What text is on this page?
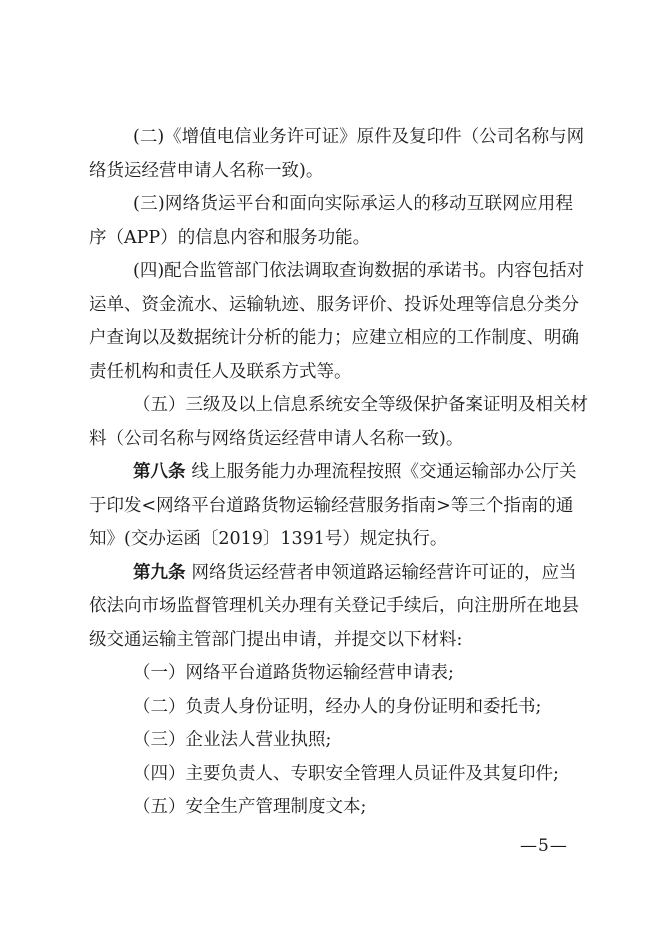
(二)《增值电信业务许可证》原件及复印件（公司名称与网
络货运经营申请人名称一致)。
(三)网络货运平台和面向实际承运人的移动互联网应用程
序（APP）的信息内容和服务功能。
(四)配合监管部门依法调取查询数据的承诺书。内容包括对
运单、资金流水、运输轨迹、服务评价、投诉处理等信息分类分
户查询以及数据统计分析的能力；应建立相应的工作制度、明确
责任机构和责任人及联系方式等。
（五）三级及以上信息系统安全等级保护备案证明及相关材
料（公司名称与网络货运经营申请人名称一致)。
第八条 线上服务能力办理流程按照《交通运输部办公厅关
于印发<网络平台道路货物运输经营服务指南>等三个指南的通
知》(交办运函〔2019〕1391号）规定执行。
第九条 网络货运经营者申领道路运输经营许可证的，应当
依法向市场监督管理机关办理有关登记手续后，向注册所在地县
级交通运输主管部门提出申请，并提交以下材料:
（一）网络平台道路货物运输经营申请表;
（二）负责人身份证明，经办人的身份证明和委托书;
（三）企业法人营业执照;
（四）主要负责人、专职安全管理人员证件及其复印件;
（五）安全生产管理制度文本;
—5—
